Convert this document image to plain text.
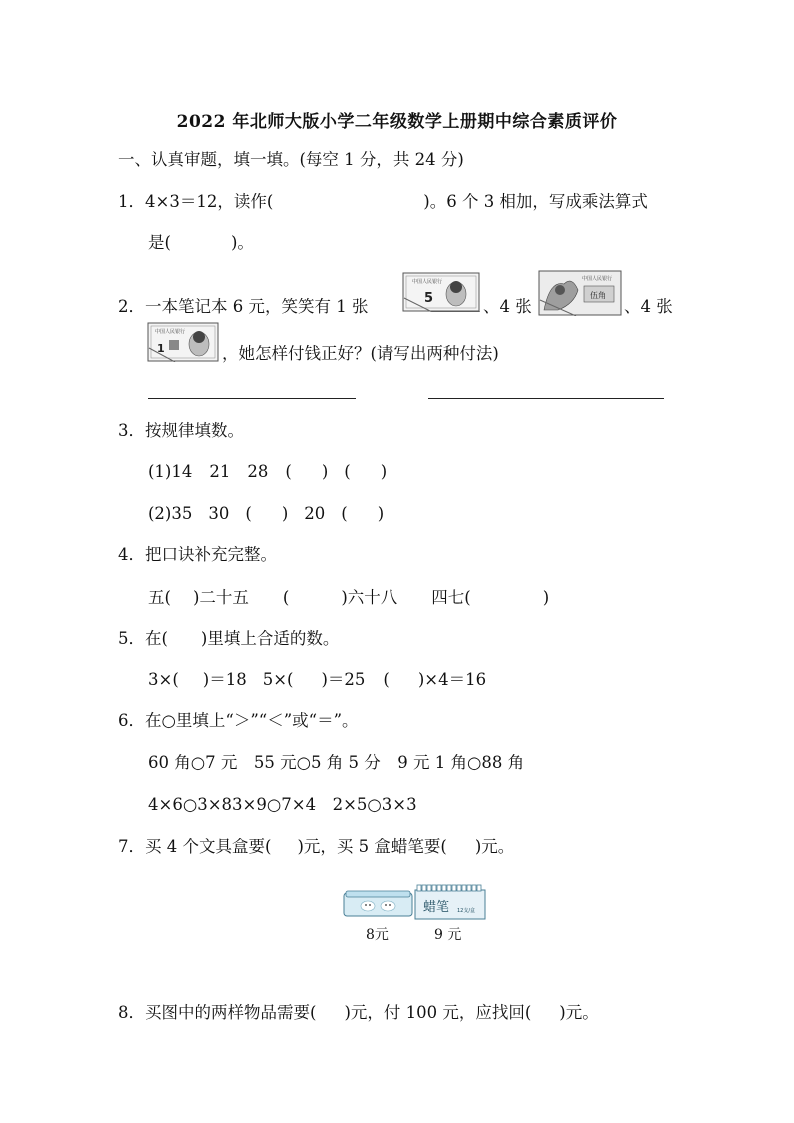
2022 年北师大版小学二年级数学上册期中综合素质评价
一、认真审题，填一填。(每空 1 分，共 24 分)
1．4×3＝12，读作(	)。6 个 3 相加，写成乘法算式
是(	)。
2．一本笔记本 6 元，笑笑有 1 张	5
中国人民银行
、4 张
伍角
中国人民银行
、4 张
1
中国人民银行
，她怎样付钱正好？(请写出两种付法)
3．按规律填数。
(1)14 21 28 ( ) ( )
(2)35 30 ( ) 20 ( )
4．把口诀补充完整。
五( )二十五 (	)六十八 四七(	)
5．在(　　)里填上合适的数。
3×( )＝18 5×( )＝25 ( )×4＝16
6．在○里填上“＞”“＜”或“＝”。
60 角○7 元　55 元○5 角 5 分　9 元 1 角○88 角
4×6○3×83×9○7×4　2×5○3×3
7．买 4 个文具盒要( )元，买 5 盒蜡笔要( )元。
蜡笔 12支/盒
8元	9 元
8．买图中的两样物品需要( )元，付 100 元，应找回( )元。
